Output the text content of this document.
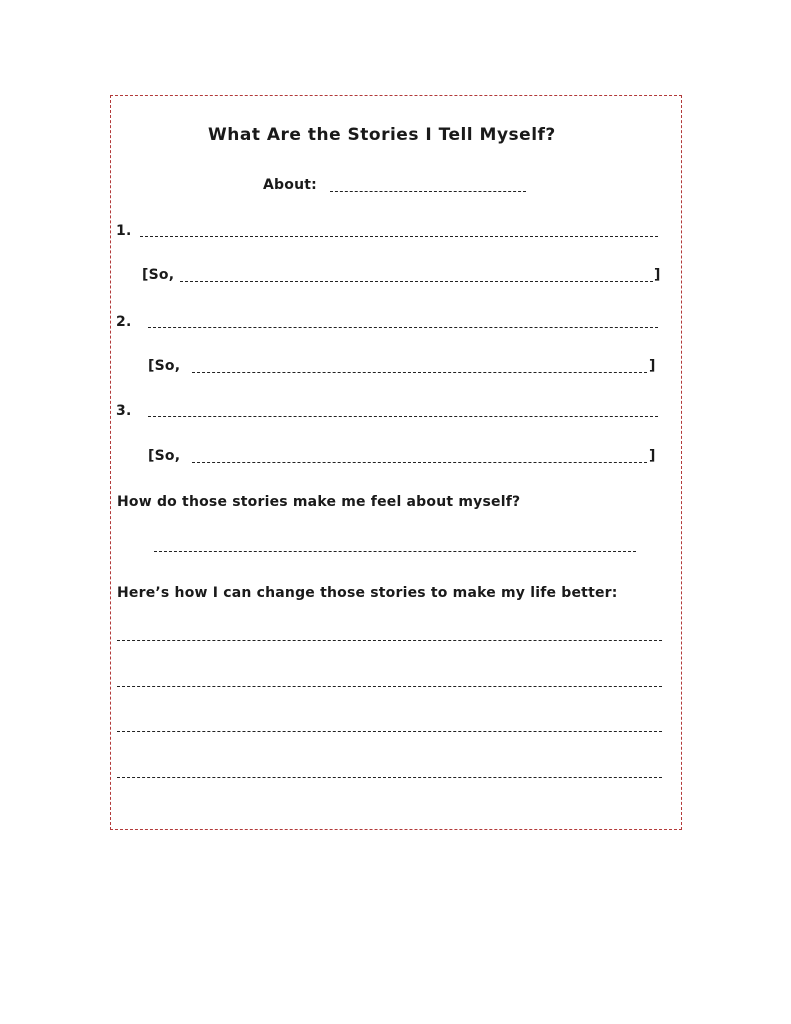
What Are the Stories I Tell Myself?
About:
1.
[So,	]
2.
[So,	]
3.
[So,	]
How do those stories make me feel about myself?
Here’s how I can change those stories to make my life better:
